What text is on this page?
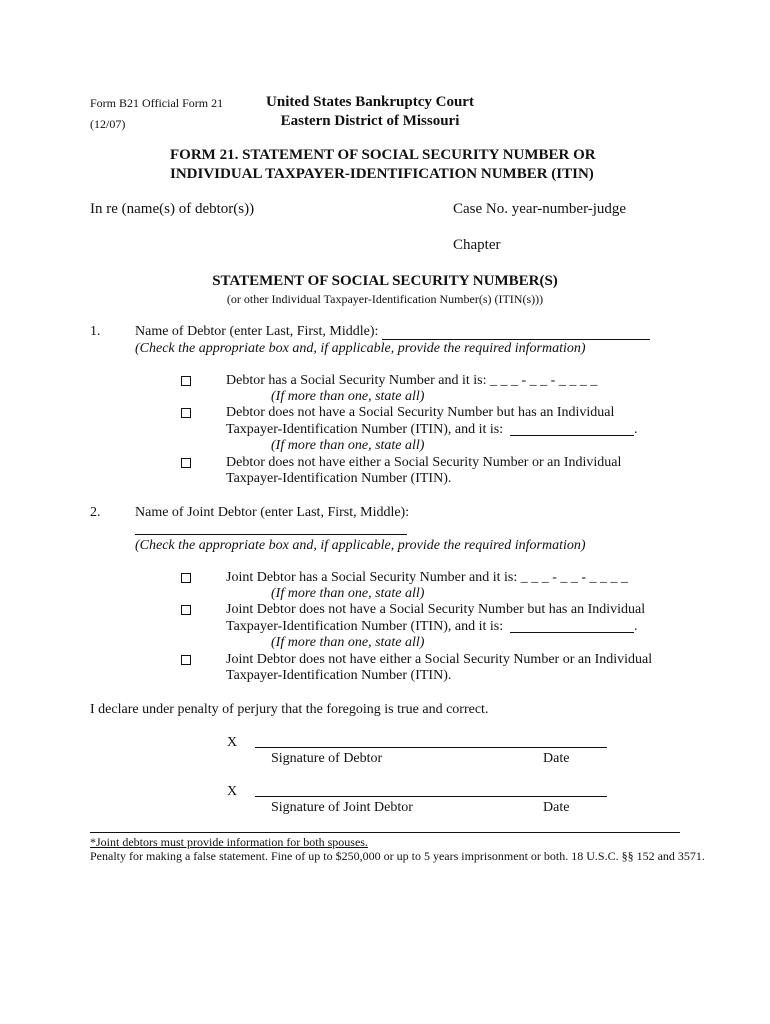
Form B21 Official Form 21
(12/07)
United States Bankruptcy Court
Eastern District of Missouri
FORM 21. STATEMENT OF SOCIAL SECURITY NUMBER OR
INDIVIDUAL TAXPAYER-IDENTIFICATION NUMBER (ITIN)
In re (name(s) of debtor(s))	Case No. year-number-judge
Chapter
STATEMENT OF SOCIAL SECURITY NUMBER(S)
(or other Individual Taxpayer-Identification Number(s) (ITIN(s)))
1. Name of Debtor (enter Last, First, Middle):
(Check the appropriate box and, if applicable, provide the required information)
Debtor has a Social Security Number and it is: _ _ _ - _ _ - _ _ _ _
(If more than one, state all)
Debtor does not have a Social Security Number but has an Individual
Taxpayer-Identification Number (ITIN), and it is:	.
(If more than one, state all)
Debtor does not have either a Social Security Number or an Individual
Taxpayer-Identification Number (ITIN).
2. Name of Joint Debtor (enter Last, First, Middle):
(Check the appropriate box and, if applicable, provide the required information)
Joint Debtor has a Social Security Number and it is: _ _ _ - _ _ - _ _ _ _
(If more than one, state all)
Joint Debtor does not have a Social Security Number but has an Individual
Taxpayer-Identification Number (ITIN), and it is:	.
(If more than one, state all)
Joint Debtor does not have either a Social Security Number or an Individual
Taxpayer-Identification Number (ITIN).
I declare under penalty of perjury that the foregoing is true and correct.
X
Signature of Debtor	Date
X
Signature of Joint Debtor	Date
*Joint debtors must provide information for both spouses.
Penalty for making a false statement. Fine of up to $250,000 or up to 5 years imprisonment or both. 18 U.S.C. §§ 152 and 3571.
